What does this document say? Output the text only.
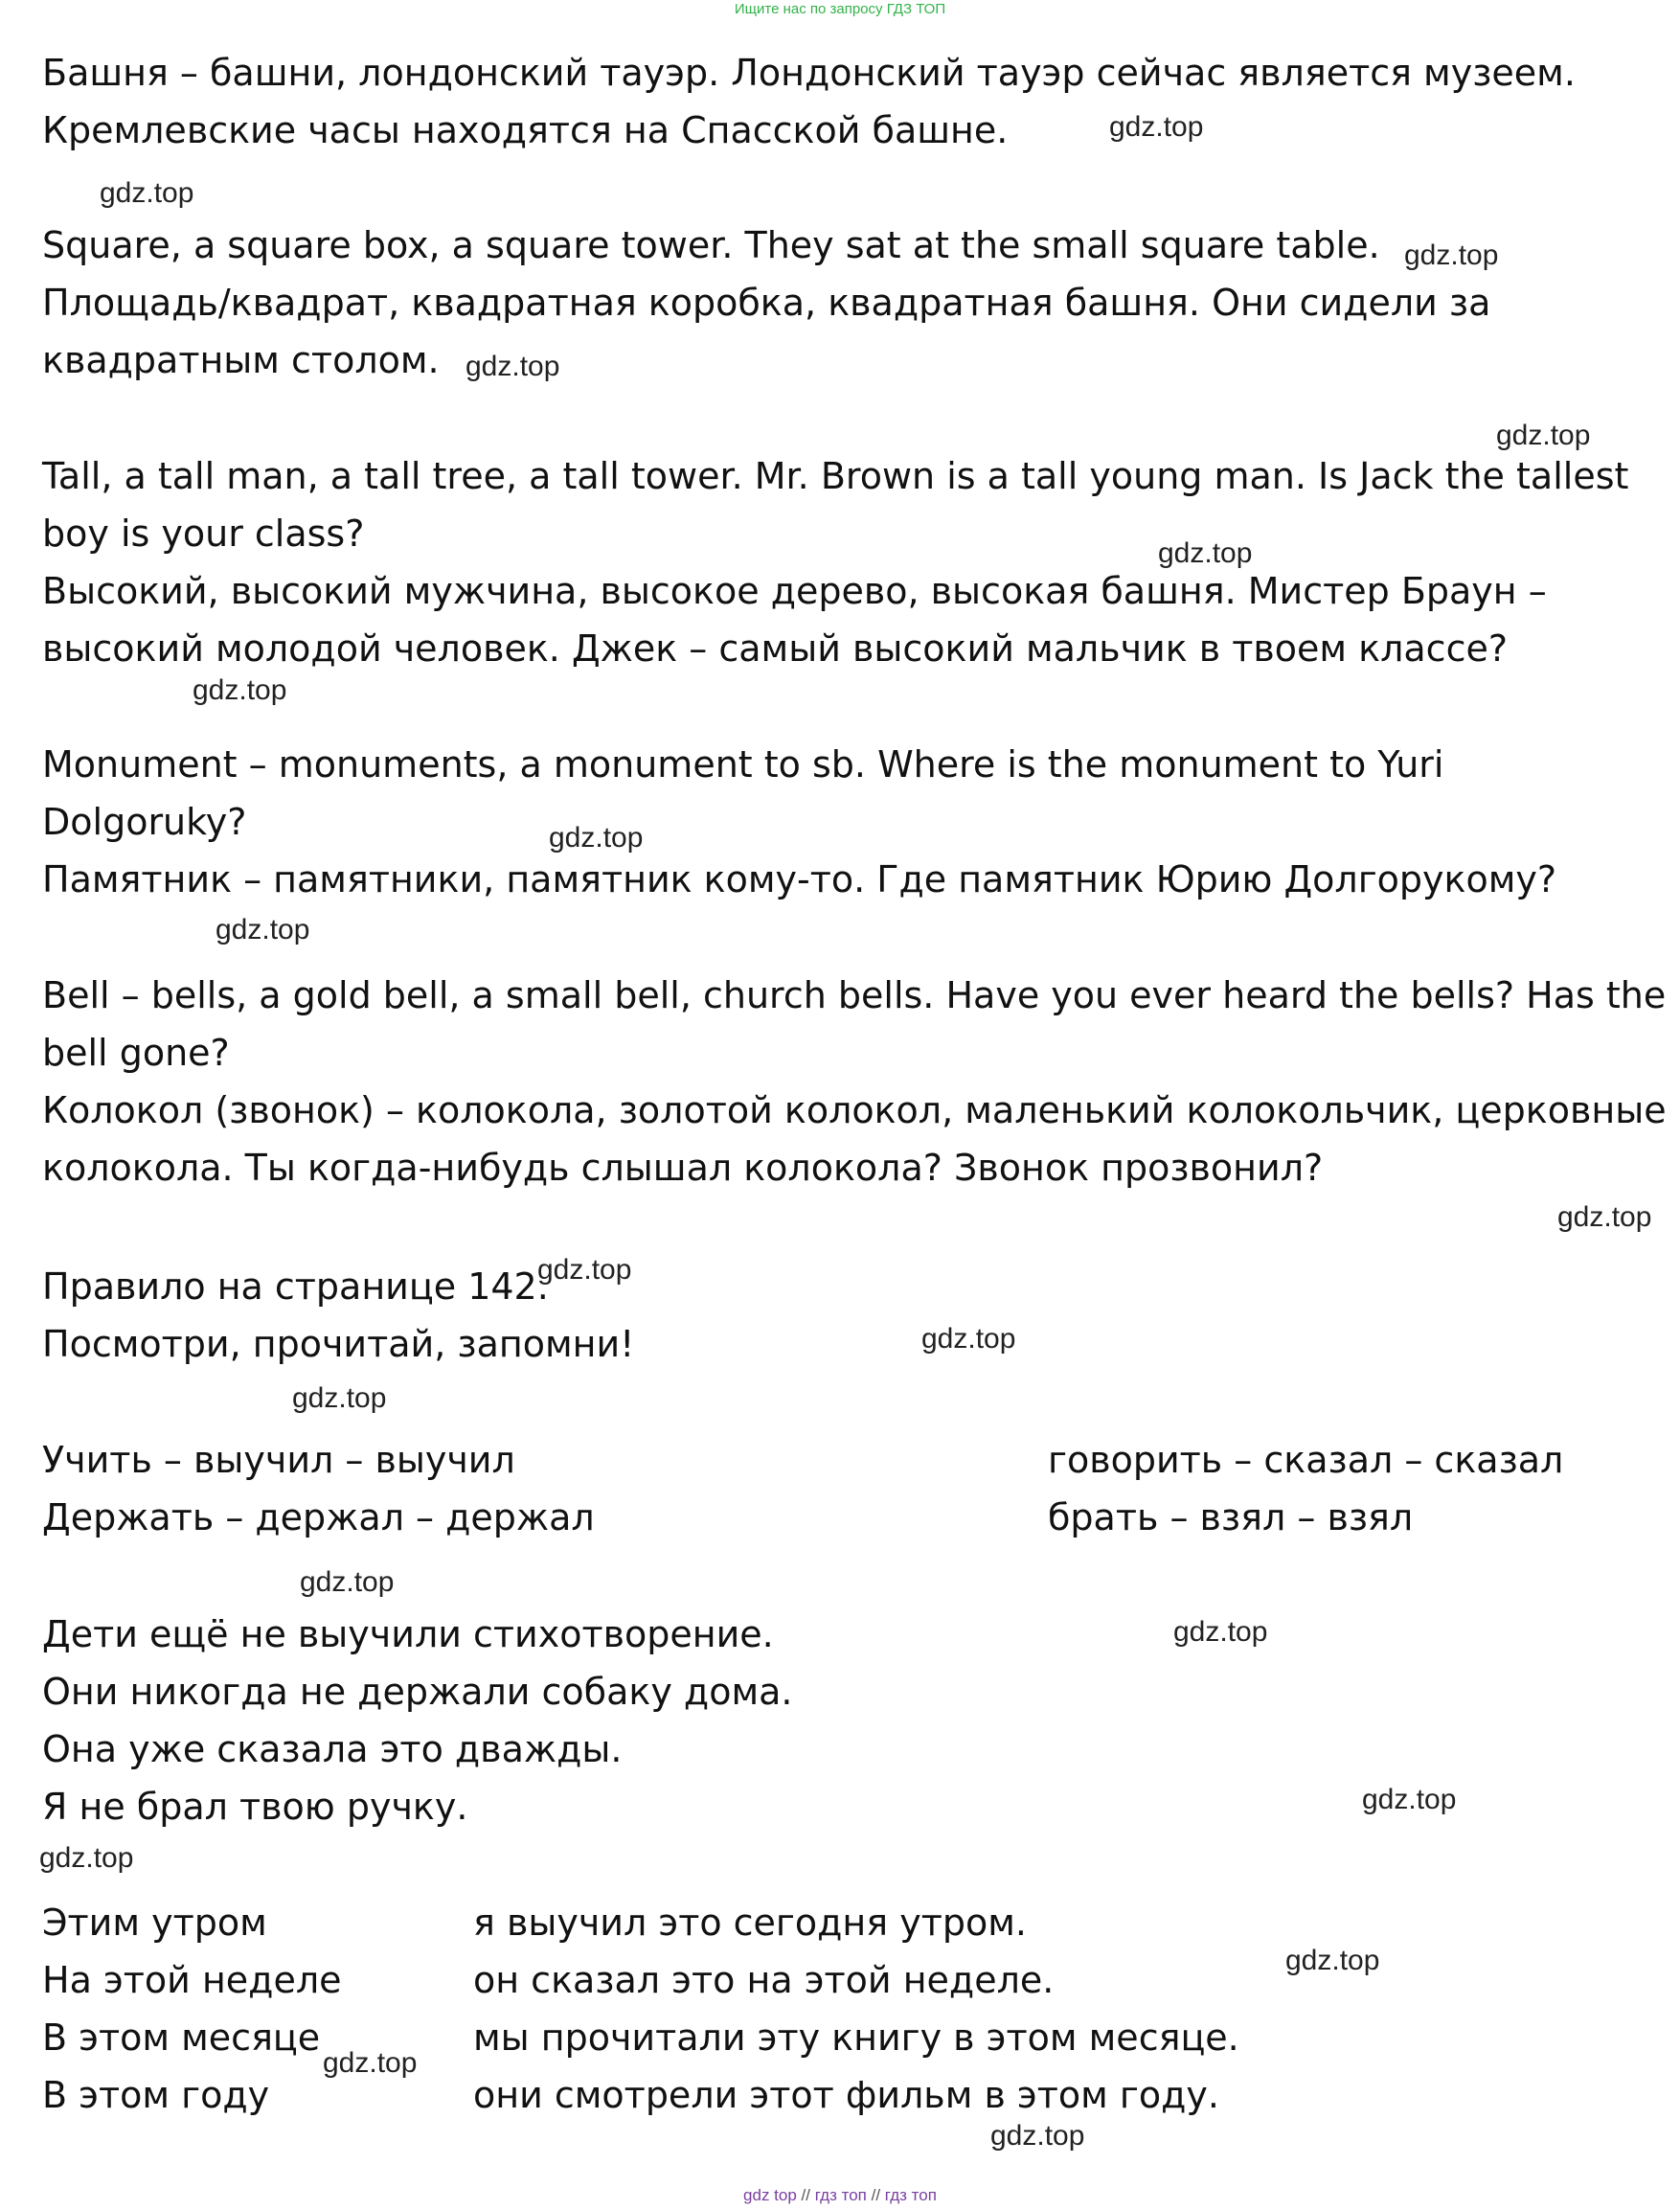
Ищите нас по запросу ГДЗ ТОП
Башня – башни, лондонский тауэр. Лондонский тауэр сейчас является музеем.
Кремлевские часы находятся на Спасской башне.
Square, a square box, a square tower. They sat at the small square table.
Площадь/квадрат, квадратная коробка, квадратная башня. Они сидели за
квадратным столом.
Tall, a tall man, a tall tree, a tall tower. Mr. Brown is a tall young man. Is Jack the tallest
boy is your class?
Высокий, высокий мужчина, высокое дерево, высокая башня. Мистер Браун –
высокий молодой человек. Джек – самый высокий мальчик в твоем классе?
Monument – monuments, a monument to sb. Where is the monument to Yuri
Dolgoruky?
Памятник – памятники, памятник кому-то. Где памятник Юрию Долгорукому?
Bell – bells, a gold bell, a small bell, church bells. Have you ever heard the bells? Has the
bell gone?
Колокол (звонок) – колокола, золотой колокол, маленький колокольчик, церковные
колокола. Ты когда-нибудь слышал колокола? Звонок прозвонил?
Правило на странице 142.
Посмотри, прочитай, запомни!
Учить – выучил – выучил	говорить – сказал – сказал
Держать – держал – держал	брать – взял – взял
Дети ещё не выучили стихотворение.
Они никогда не держали собаку дома.
Она уже сказала это дважды.
Я не брал твою ручку.
Этим утром	я выучил это сегодня утром.
На этой неделе	он сказал это на этой неделе.
В этом месяце	мы прочитали эту книгу в этом месяце.
В этом году	они смотрели этот фильм в этом году.
gdz.top
gdz.top
gdz.top
gdz.top
gdz.top
gdz.top
gdz.top
gdz.top
gdz.top
gdz.top
gdz.top
gdz.top
gdz.top
gdz.top
gdz.top
gdz.top
gdz.top
gdz.top
gdz.top
gdz.top
gdz top // гдз топ // гдз топ
